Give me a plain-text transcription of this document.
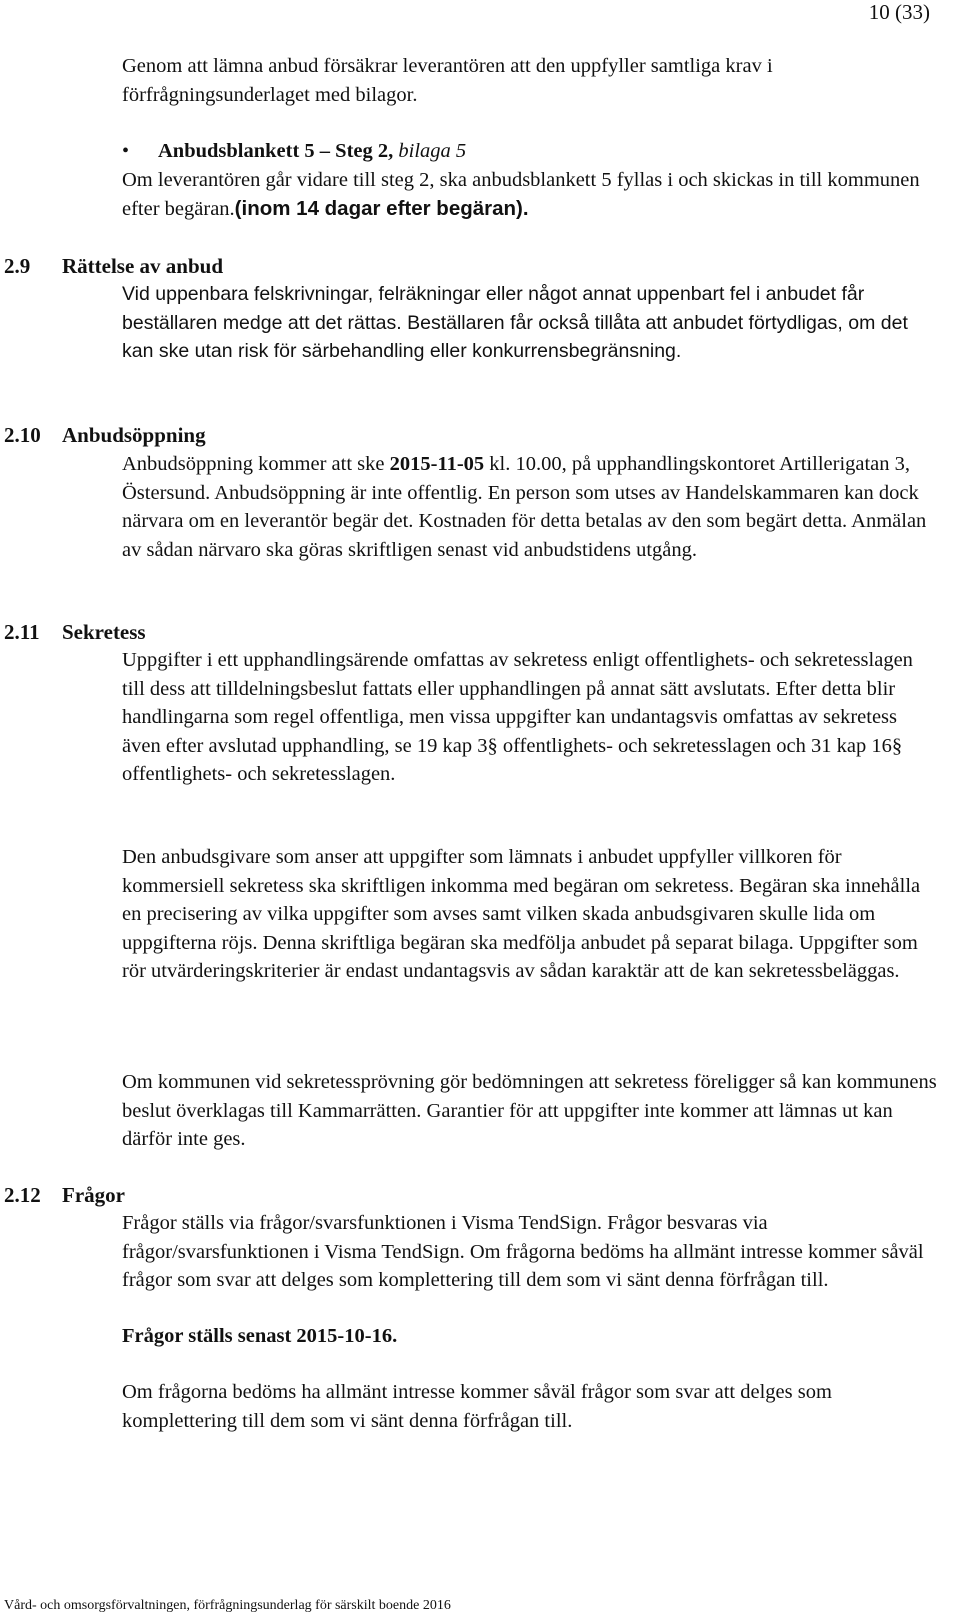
10 (33)

Genom att lämna anbud försäkrar leverantören att den uppfyller samtliga krav i förfrågningsunderlaget med bilagor.

• Anbudsblankett 5 – Steg 2, bilaga 5

Om leverantören går vidare till steg 2, ska anbudsblankett 5 fyllas i och skickas in till kommunen efter begäran.(inom 14 dagar efter begäran).

2.9 Rättelse av anbud

Vid uppenbara felskrivningar, felräkningar eller något annat uppenbart fel i anbudet får beställaren medge att det rättas. Beställaren får också tillåta att anbudet förtydligas, om det kan ske utan risk för särbehandling eller konkurrensbegränsning.

2.10 Anbudsöppning

Anbudsöppning kommer att ske 2015-11-05 kl. 10.00, på upphandlingskontoret Artillerigatan 3, Östersund. Anbudsöppning är inte offentlig. En person som utses av Handelskammaren kan dock närvara om en leverantör begär det. Kostnaden för detta betalas av den som begärt detta. Anmälan av sådan närvaro ska göras skriftligen senast vid anbudstidens utgång.

2.11 Sekretess

Uppgifter i ett upphandlingsärende omfattas av sekretess enligt offentlighets- och sekretesslagen till dess att tilldelningsbeslut fattats eller upphandlingen på annat sätt avslutats. Efter detta blir handlingarna som regel offentliga, men vissa uppgifter kan undantagsvis omfattas av sekretess även efter avslutad upphandling, se 19 kap 3§ offentlighets- och sekretesslagen och 31 kap 16§ offentlighets- och sekretesslagen.

Den anbudsgivare som anser att uppgifter som lämnats i anbudet uppfyller villkoren för kommersiell sekretess ska skriftligen inkomma med begäran om sekretess. Begäran ska innehålla en precisering av vilka uppgifter som avses samt vilken skada anbudsgivaren skulle lida om uppgifterna röjs. Denna skriftliga begäran ska medfölja anbudet på separat bilaga. Uppgifter som rör utvärderingskriterier är endast undantagsvis av sådan karaktär att de kan sekretessbeläggas.

Om kommunen vid sekretessprövning gör bedömningen att sekretess föreligger så kan kommunens beslut överklagas till Kammarrätten. Garantier för att uppgifter inte kommer att lämnas ut kan därför inte ges.

2.12 Frågor

Frågor ställs via frågor/svarsfunktionen i Visma TendSign. Frågor besvaras via frågor/svarsfunktionen i Visma TendSign. Om frågorna bedöms ha allmänt intresse kommer såväl frågor som svar att delges som komplettering till dem som vi sänt denna förfrågan till.

Frågor ställs senast 2015-10-16.

Om frågorna bedöms ha allmänt intresse kommer såväl frågor som svar att delges som komplettering till dem som vi sänt denna förfrågan till.

Vård- och omsorgsförvaltningen, förfrågningsunderlag för särskilt boende 2016
